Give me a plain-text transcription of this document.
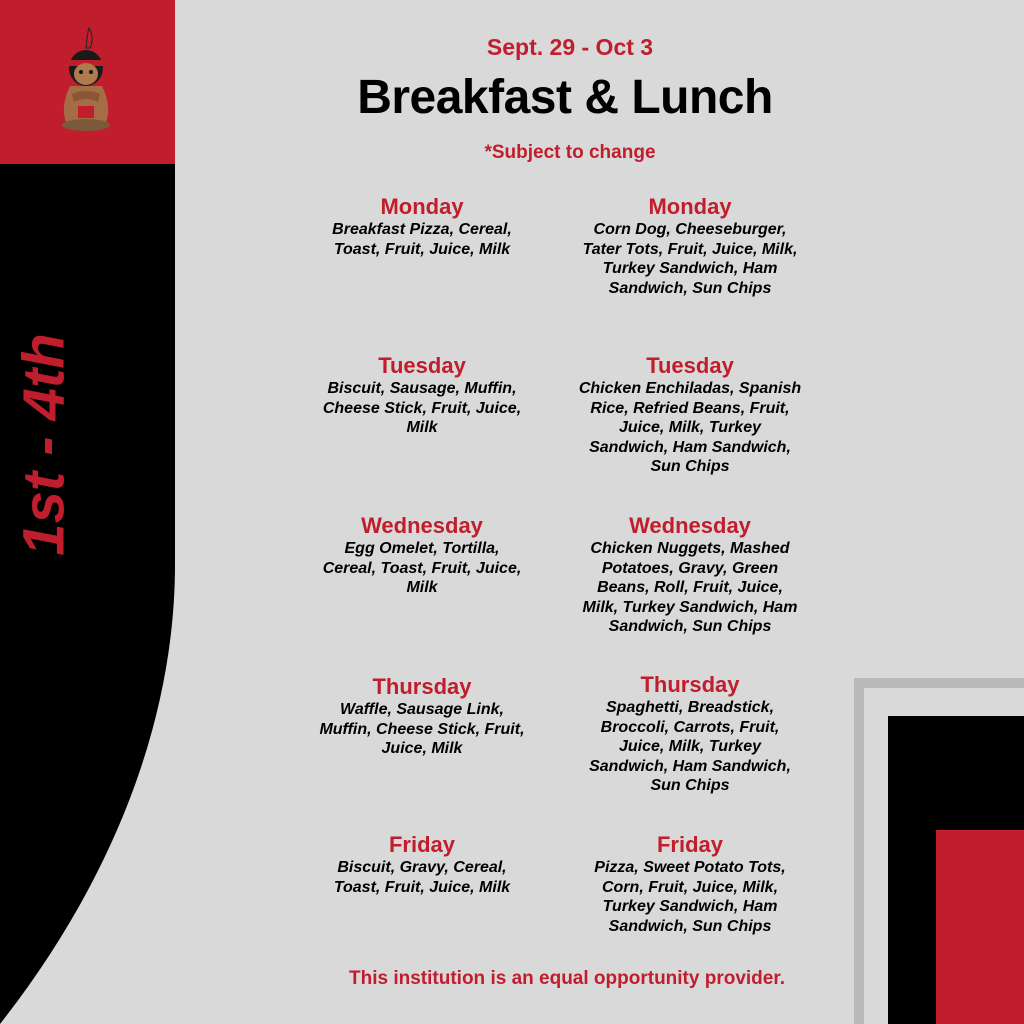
1st - 4th
Sept. 29 - Oct 3
Breakfast & Lunch
*Subject to change
Monday
Breakfast Pizza, Cereal, Toast, Fruit, Juice, Milk
Tuesday
Biscuit, Sausage, Muffin, Cheese Stick, Fruit, Juice, Milk
Wednesday
Egg Omelet, Tortilla, Cereal, Toast, Fruit, Juice, Milk
Thursday
Waffle, Sausage Link, Muffin, Cheese Stick, Fruit, Juice, Milk
Friday
Biscuit, Gravy, Cereal, Toast, Fruit, Juice, Milk
Monday
Corn Dog, Cheeseburger, Tater Tots, Fruit, Juice, Milk, Turkey Sandwich, Ham Sandwich, Sun Chips
Tuesday
Chicken Enchiladas, Spanish Rice, Refried Beans, Fruit, Juice, Milk, Turkey Sandwich, Ham Sandwich, Sun Chips
Wednesday
Chicken Nuggets, Mashed Potatoes, Gravy, Green Beans, Roll, Fruit, Juice, Milk, Turkey Sandwich, Ham Sandwich, Sun Chips
Thursday
Spaghetti, Breadstick, Broccoli, Carrots, Fruit, Juice, Milk, Turkey Sandwich, Ham Sandwich, Sun Chips
Friday
Pizza, Sweet Potato Tots, Corn, Fruit, Juice, Milk, Turkey Sandwich, Ham Sandwich, Sun Chips
This institution is an equal opportunity provider.
